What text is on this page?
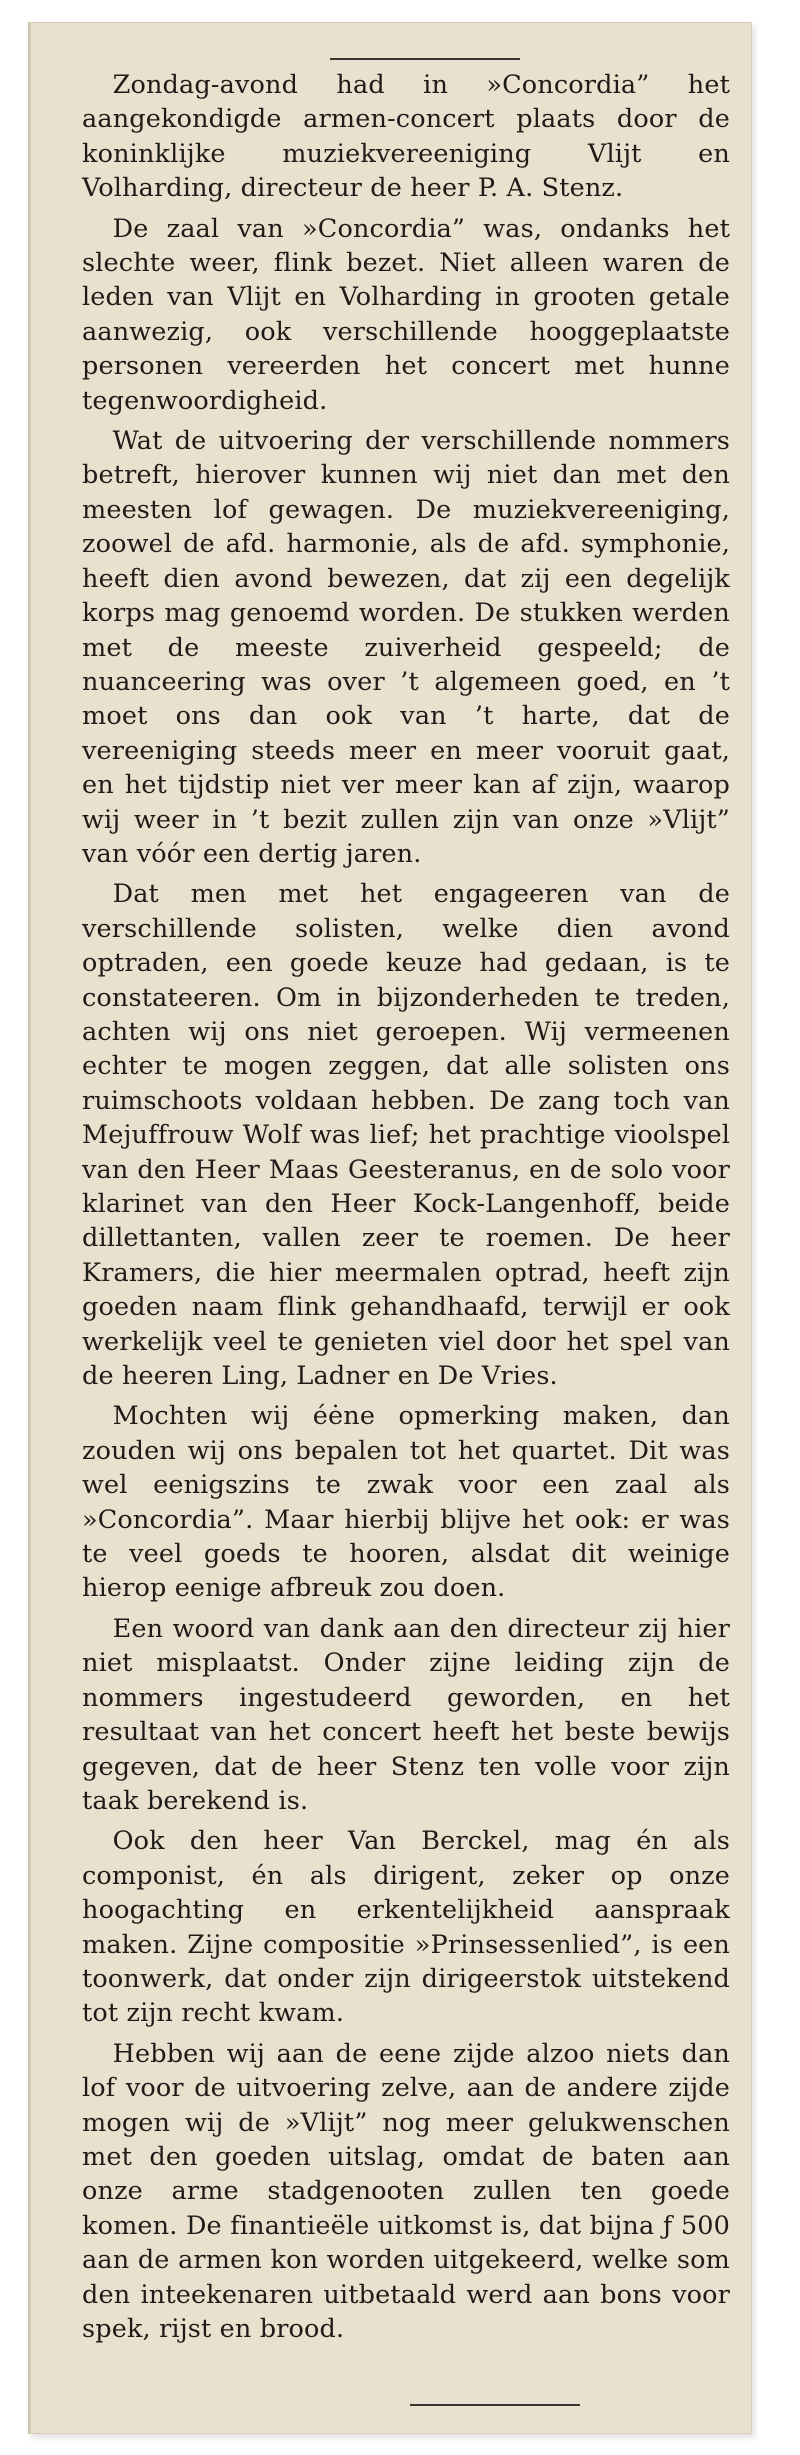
Zondag-avond had in »Concordia” het aangekondigde armen-concert plaats door de koninklijke muziekvereeniging Vlijt en Volharding, directeur de heer P. A. Stenz.

De zaal van »Concordia” was, ondanks het slechte weer, flink bezet. Niet alleen waren de leden van Vlijt en Volharding in grooten getale aanwezig, ook verschillende hooggeplaatste personen vereerden het concert met hunne tegenwoordigheid.

Wat de uitvoering der verschillende nommers betreft, hierover kunnen wij niet dan met den meesten lof gewagen. De muziekvereeniging, zoowel de afd. harmonie, als de afd. symphonie, heeft dien avond bewezen, dat zij een degelijk korps mag genoemd worden. De stukken werden met de meeste zuiverheid gespeeld; de nuanceering was over ’t algemeen goed, en ’t moet ons dan ook van ’t harte, dat de vereeniging steeds meer en meer vooruit gaat, en het tijdstip niet ver meer kan af zijn, waarop wij weer in ’t bezit zullen zijn van onze »Vlijt” van vóór een dertig jaren.

Dat men met het engageeren van de verschillende solisten, welke dien avond optraden, een goede keuze had gedaan, is te constateeren. Om in bijzonderheden te treden, achten wij ons niet geroepen. Wij vermeenen echter te mogen zeggen, dat alle solisten ons ruimschoots voldaan hebben. De zang toch van Mejuffrouw Wolf was lief; het prachtige vioolspel van den Heer Maas Geesteranus, en de solo voor klarinet van den Heer Kock-Langenhoff, beide dillettanten, vallen zeer te roemen. De heer Kramers, die hier meermalen optrad, heeft zijn goeden naam flink gehandhaafd, terwijl er ook werkelijk veel te genieten viel door het spel van de heeren Ling, Ladner en De Vries.

Mochten wij éėne opmerking maken, dan zouden wij ons bepalen tot het quartet. Dit was wel eenigszins te zwak voor een zaal als »Concordia”. Maar hierbij blijve het ook: er was te veel goeds te hooren, alsdat dit weinige hierop eenige afbreuk zou doen.

Een woord van dank aan den directeur zij hier niet misplaatst. Onder zijne leiding zijn de nommers ingestudeerd geworden, en het resultaat van het concert heeft het beste bewijs gegeven, dat de heer Stenz ten volle voor zijn taak berekend is.

Ook den heer Van Berckel, mag én als componist, én als dirigent, zeker op onze hoogachting en erkentelijkheid aanspraak maken. Zijne compositie »Prinsessenlied”, is een toonwerk, dat onder zijn dirigeerstok uitstekend tot zijn recht kwam.

Hebben wij aan de eene zijde alzoo niets dan lof voor de uitvoering zelve, aan de andere zijde mogen wij de »Vlijt” nog meer gelukwenschen met den goeden uitslag, omdat de baten aan onze arme stadgenooten zullen ten goede komen. De finantieële uitkomst is, dat bijna ƒ 500 aan de armen kon worden uitgekeerd, welke som den inteekenaren uitbetaald werd aan bons voor spek, rijst en brood.
